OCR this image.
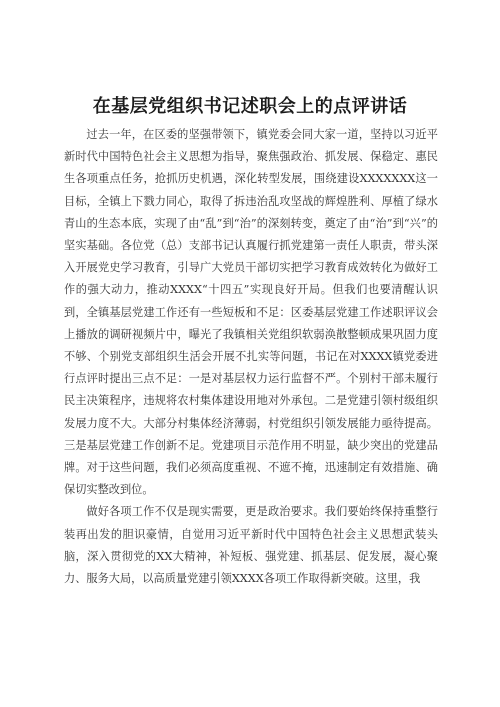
在基层党组织书记述职会上的点评讲话

过去一年，在区委的坚强带领下，镇党委会同大家一道，坚持以习近平新时代中国特色社会主义思想为指导，聚焦强政治、抓发展、保稳定、惠民生各项重点任务，抢抓历史机遇，深化转型发展，围绕建设XXXXXXX这一目标，全镇上下戮力同心，取得了拆违治乱攻坚战的辉煌胜利、厚植了绿水青山的生态本底，实现了由“乱”到“治”的深刻转变，奠定了由“治”到“兴”的坚实基础。各位党（总）支部书记认真履行抓党建第一责任人职责，带头深入开展党史学习教育，引导广大党员干部切实把学习教育成效转化为做好工作的强大动力，推动XXXX“十四五”实现良好开局。但我们也要清醒认识到，全镇基层党建工作还有一些短板和不足：区委基层党建工作述职评议会上播放的调研视频片中，曝光了我镇相关党组织软弱涣散整顿成果巩固力度不够、个别党支部组织生活会开展不扎实等问题，书记在对XXXX镇党委进行点评时提出三点不足：一是对基层权力运行监督不严。个别村干部未履行民主决策程序，违规将农村集体建设用地对外承包。二是党建引领村级组织发展力度不大。大部分村集体经济薄弱，村党组织引领发展能力亟待提高。三是基层党建工作创新不足。党建项目示范作用不明显，缺少突出的党建品牌。对于这些问题，我们必须高度重视、不遮不掩，迅速制定有效措施、确保切实整改到位。

做好各项工作不仅是现实需要，更是政治要求。我们要始终保持重整行装再出发的胆识豪情，自觉用习近平新时代中国特色社会主义思想武装头脑，深入贯彻党的XX大精神，补短板、强党建、抓基层、促发展，凝心聚力、服务大局，以高质量党建引领XXXX各项工作取得新突破。这里，我
